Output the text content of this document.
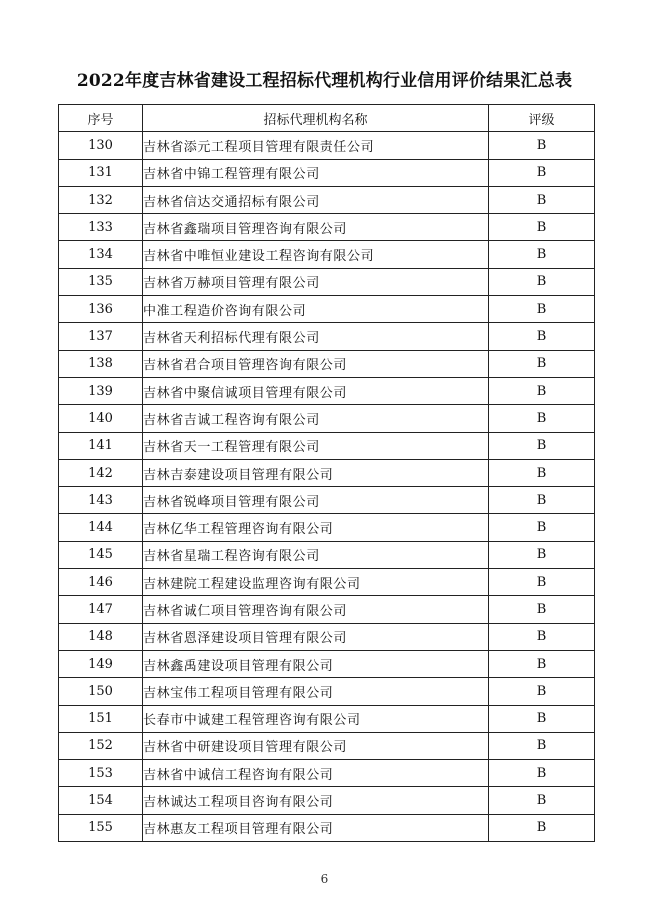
2022年度吉林省建设工程招标代理机构行业信用评价结果汇总表
序号	招标代理机构名称	评级
130	吉林省添元工程项目管理有限责任公司	B
131	吉林省中锦工程管理有限公司	B
132	吉林省信达交通招标有限公司	B
133	吉林省鑫瑞项目管理咨询有限公司	B
134	吉林省中唯恒业建设工程咨询有限公司	B
135	吉林省万赫项目管理有限公司	B
136	中准工程造价咨询有限公司	B
137	吉林省天利招标代理有限公司	B
138	吉林省君合项目管理咨询有限公司	B
139	吉林省中聚信诚项目管理有限公司	B
140	吉林省吉诚工程咨询有限公司	B
141	吉林省天一工程管理有限公司	B
142	吉林吉泰建设项目管理有限公司	B
143	吉林省锐峰项目管理有限公司	B
144	吉林亿华工程管理咨询有限公司	B
145	吉林省星瑞工程咨询有限公司	B
146	吉林建院工程建设监理咨询有限公司	B
147	吉林省诚仁项目管理咨询有限公司	B
148	吉林省恩泽建设项目管理有限公司	B
149	吉林鑫禹建设项目管理有限公司	B
150	吉林宝伟工程项目管理有限公司	B
151	长春市中诚建工程管理咨询有限公司	B
152	吉林省中研建设项目管理有限公司	B
153	吉林省中诚信工程咨询有限公司	B
154	吉林诚达工程项目咨询有限公司	B
155	吉林惠友工程项目管理有限公司	B
6
